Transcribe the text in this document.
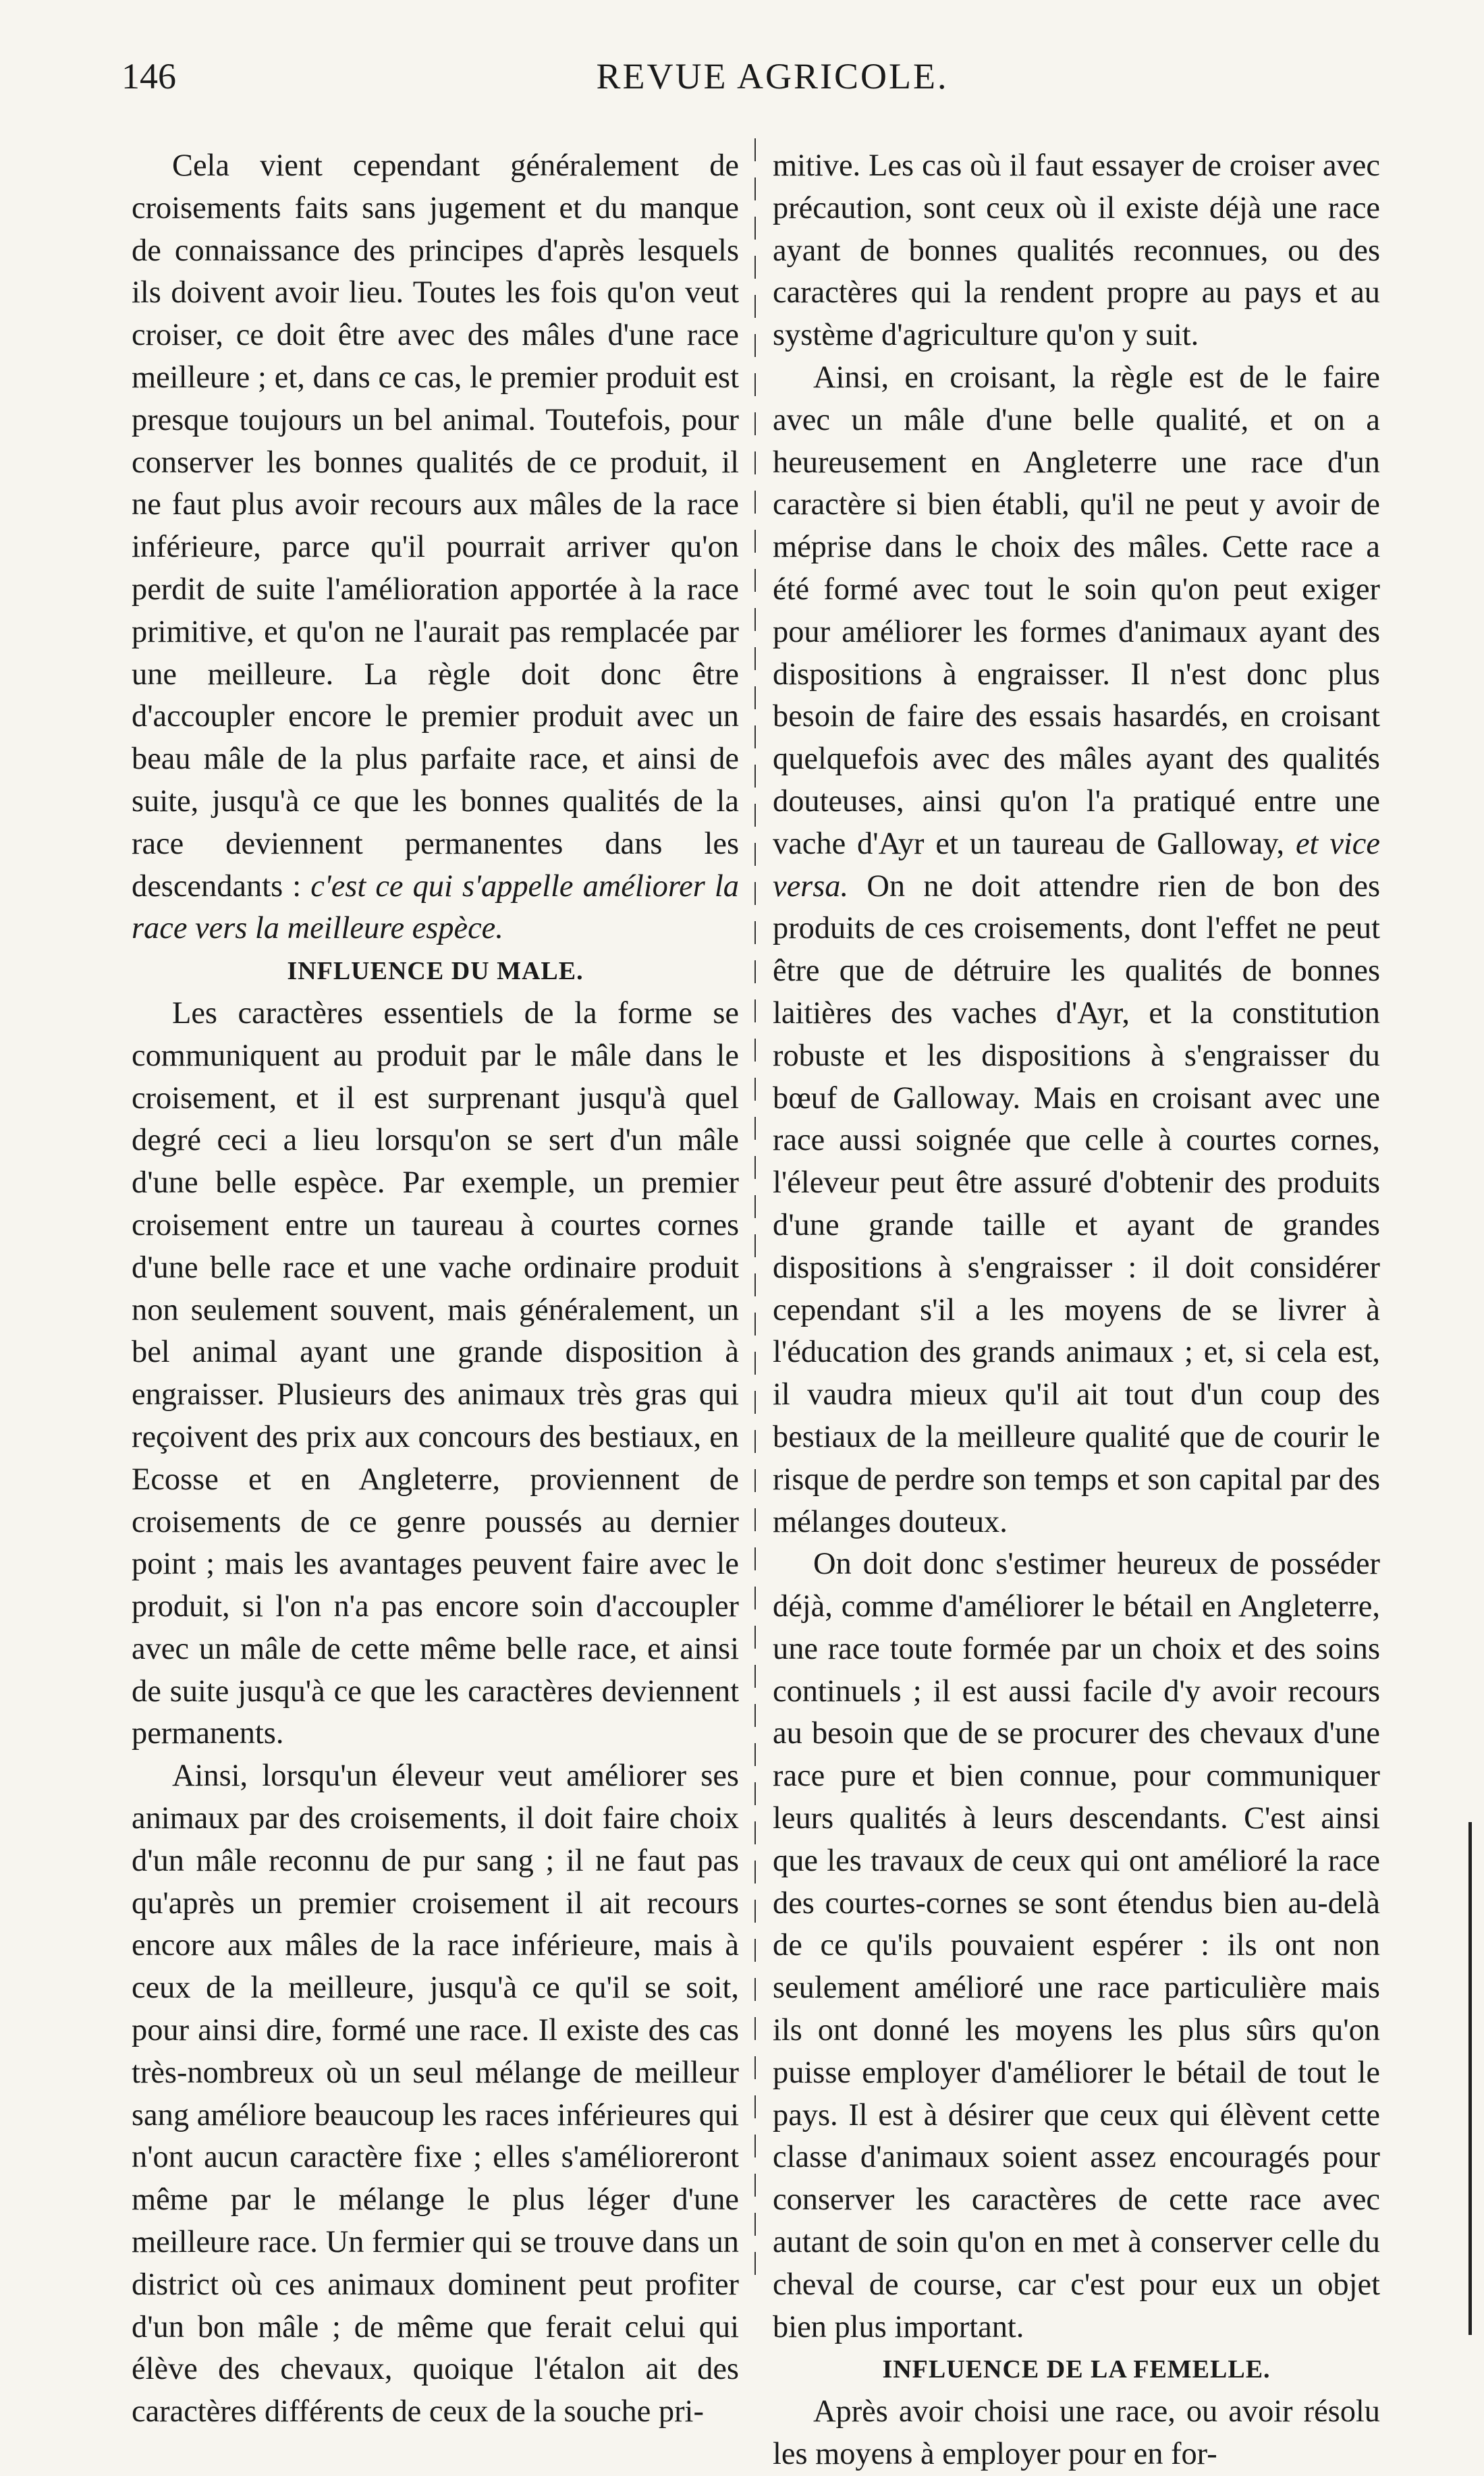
146	REVUE AGRICOLE.

Cela vient cependant généralement de croisements faits sans jugement et du manque de connaissance des principes d'après lesquels ils doivent avoir lieu. Toutes les fois qu'on veut croiser, ce doit être avec des mâles d'une race meilleure ; et, dans ce cas, le premier produit est presque toujours un bel animal. Toutefois, pour conserver les bonnes qualités de ce produit, il ne faut plus avoir recours aux mâles de la race inférieure, parce qu'il pourrait arriver qu'on perdit de suite l'amélioration apportée à la race primitive, et qu'on ne l'aurait pas remplacée par une meilleure. La règle doit donc être d'accoupler encore le premier produit avec un beau mâle de la plus parfaite race, et ainsi de suite, jusqu'à ce que les bonnes qualités de la race deviennent permanentes dans les descendants : c'est ce qui s'appelle améliorer la race vers la meilleure espèce.

INFLUENCE DU MALE.

Les caractères essentiels de la forme se communiquent au produit par le mâle dans le croisement, et il est surprenant jusqu'à quel degré ceci a lieu lorsqu'on se sert d'un mâle d'une belle espèce. Par exemple, un premier croisement entre un taureau à courtes cornes d'une belle race et une vache ordinaire produit non seulement souvent, mais généralement, un bel animal ayant une grande disposition à engraisser. Plusieurs des animaux très gras qui reçoivent des prix aux concours des bestiaux, en Ecosse et en Angleterre, proviennent de croisements de ce genre poussés au dernier point ; mais les avantages peuvent faire avec le produit, si l'on n'a pas encore soin d'accoupler avec un mâle de cette même belle race, et ainsi de suite jusqu'à ce que les caractères deviennent permanents.

Ainsi, lorsqu'un éleveur veut améliorer ses animaux par des croisements, il doit faire choix d'un mâle reconnu de pur sang ; il ne faut pas qu'après un premier croisement il ait recours encore aux mâles de la race inférieure, mais à ceux de la meilleure, jusqu'à ce qu'il se soit, pour ainsi dire, formé une race. Il existe des cas très-nombreux où un seul mélange de meilleur sang améliore beaucoup les races inférieures qui n'ont aucun caractère fixe ; elles s'amélioreront même par le mélange le plus léger d'une meilleure race. Un fermier qui se trouve dans un district où ces animaux dominent peut profiter d'un bon mâle ; de même que ferait celui qui élève des chevaux, quoique l'étalon ait des caractères différents de ceux de la souche pri-

mitive. Les cas où il faut essayer de croiser avec précaution, sont ceux où il existe déjà une race ayant de bonnes qualités reconnues, ou des caractères qui la rendent propre au pays et au système d'agriculture qu'on y suit.

Ainsi, en croisant, la règle est de le faire avec un mâle d'une belle qualité, et on a heureusement en Angleterre une race d'un caractère si bien établi, qu'il ne peut y avoir de méprise dans le choix des mâles. Cette race a été formé avec tout le soin qu'on peut exiger pour améliorer les formes d'animaux ayant des dispositions à engraisser. Il n'est donc plus besoin de faire des essais hasardés, en croisant quelquefois avec des mâles ayant des qualités douteuses, ainsi qu'on l'a pratiqué entre une vache d'Ayr et un taureau de Galloway, et vice versa. On ne doit attendre rien de bon des produits de ces croisements, dont l'effet ne peut être que de détruire les qualités de bonnes laitières des vaches d'Ayr, et la constitution robuste et les dispositions à s'engraisser du bœuf de Galloway. Mais en croisant avec une race aussi soignée que celle à courtes cornes, l'éleveur peut être assuré d'obtenir des produits d'une grande taille et ayant de grandes dispositions à s'engraisser : il doit considérer cependant s'il a les moyens de se livrer à l'éducation des grands animaux ; et, si cela est, il vaudra mieux qu'il ait tout d'un coup des bestiaux de la meilleure qualité que de courir le risque de perdre son temps et son capital par des mélanges douteux.

On doit donc s'estimer heureux de posséder déjà, comme d'améliorer le bétail en Angleterre, une race toute formée par un choix et des soins continuels ; il est aussi facile d'y avoir recours au besoin que de se procurer des chevaux d'une race pure et bien connue, pour communiquer leurs qualités à leurs descendants. C'est ainsi que les travaux de ceux qui ont amélioré la race des courtes-cornes se sont étendus bien au-delà de ce qu'ils pouvaient espérer : ils ont non seulement amélioré une race particulière mais ils ont donné les moyens les plus sûrs qu'on puisse employer d'améliorer le bétail de tout le pays. Il est à désirer que ceux qui élèvent cette classe d'animaux soient assez encouragés pour conserver les caractères de cette race avec autant de soin qu'on en met à conserver celle du cheval de course, car c'est pour eux un objet bien plus important.

INFLUENCE DE LA FEMELLE.

Après avoir choisi une race, ou avoir résolu les moyens à employer pour en for-
